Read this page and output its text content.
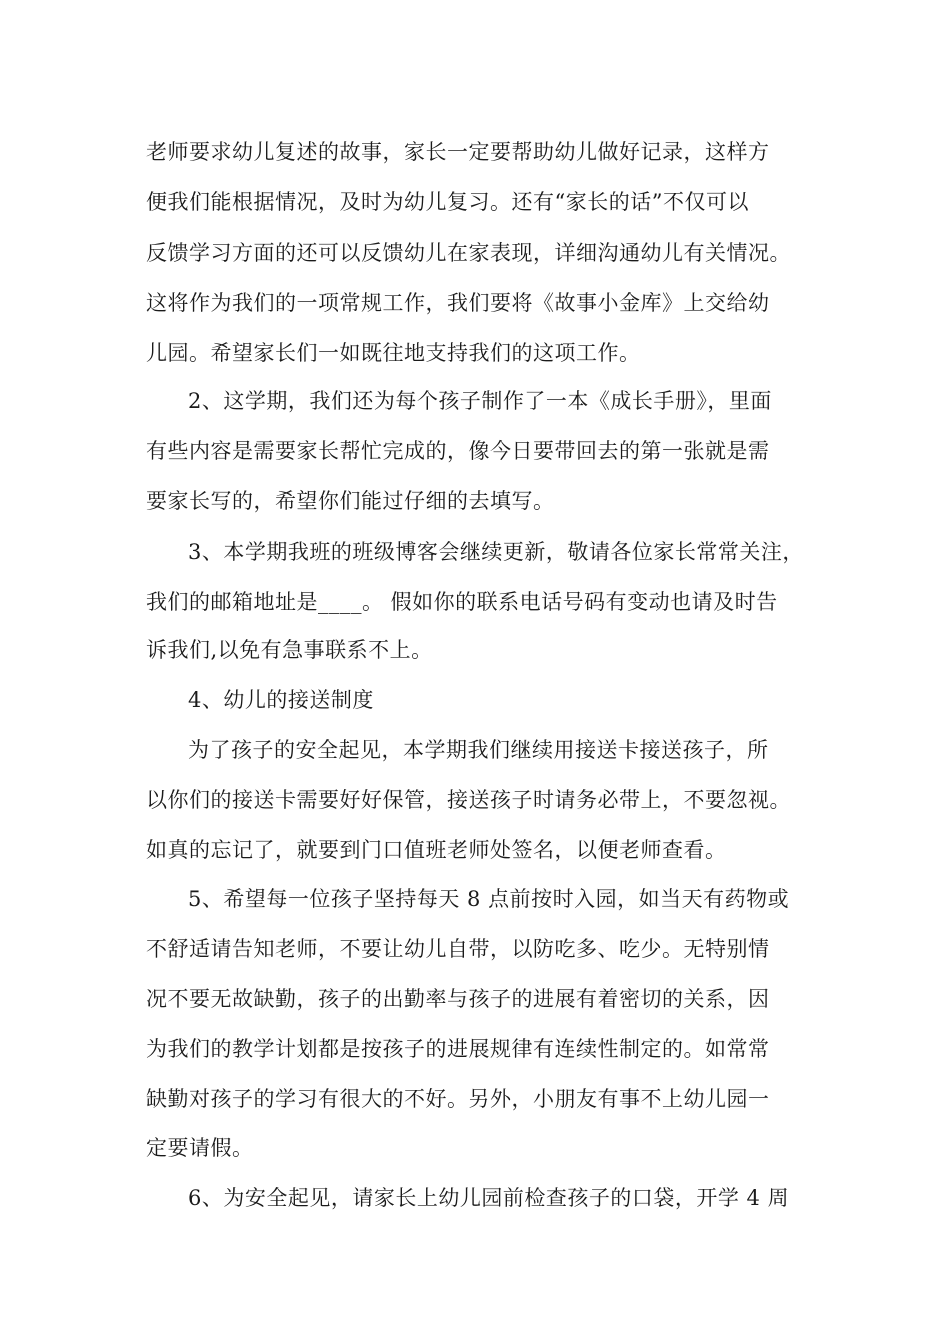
老师要求幼儿复述的故事，家长一定要帮助幼儿做好记录，这样方
便我们能根据情况，及时为幼儿复习。还有“家长的话”不仅可以
反馈学习方面的还可以反馈幼儿在家表现，详细沟通幼儿有关情况。
这将作为我们的一项常规工作，我们要将《故事小金库》上交给幼
儿园。希望家长们一如既往地支持我们的这项工作。
2、这学期，我们还为每个孩子制作了一本《成长手册》，里面
有些内容是需要家长帮忙完成的，像今日要带回去的第一张就是需
要家长写的，希望你们能过仔细的去填写。
3、本学期我班的班级博客会继续更新，敬请各位家长常常关注，
我们的邮箱地址是____。 假如你的联系电话号码有变动也请及时告
诉我们,以免有急事联系不上。
4、幼儿的接送制度
为了孩子的安全起见，本学期我们继续用接送卡接送孩子，所
以你们的接送卡需要好好保管，接送孩子时请务必带上，不要忽视。
如真的忘记了，就要到门口值班老师处签名，以便老师查看。
5、希望每一位孩子坚持每天 8 点前按时入园，如当天有药物或
不舒适请告知老师，不要让幼儿自带，以防吃多、吃少。无特别情
况不要无故缺勤，孩子的出勤率与孩子的进展有着密切的关系，因
为我们的教学计划都是按孩子的进展规律有连续性制定的。如常常
缺勤对孩子的学习有很大的不好。另外，小朋友有事不上幼儿园一
定要请假。
6、为安全起见，请家长上幼儿园前检查孩子的口袋，开学 4 周
